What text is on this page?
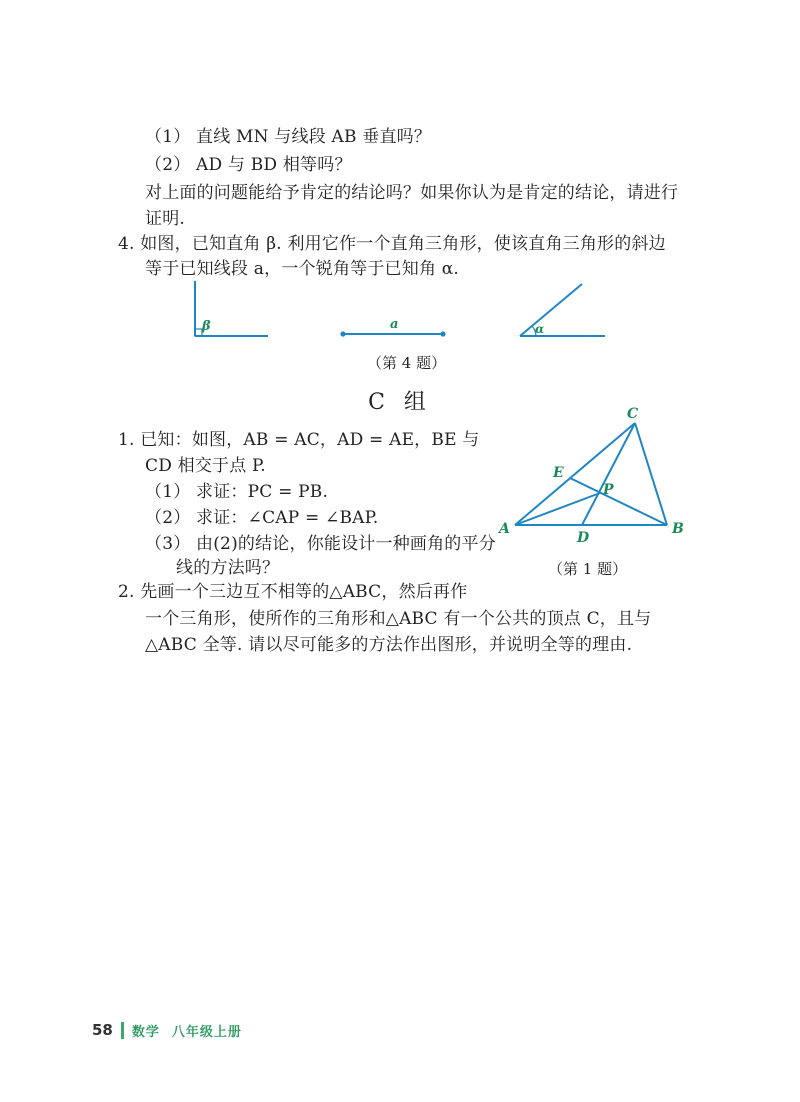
（1） 直线 MN 与线段 AB 垂直吗？
（2） AD 与 BD 相等吗？
对上面的问题能给予肯定的结论吗？如果你认为是肯定的结论，请进行
证明.
4. 如图，已知直角 β. 利用它作一个直角三角形，使该直角三角形的斜边
等于已知线段 a，一个锐角等于已知角 α.
β	a	α
（第 4 题）
C 组
1. 已知：如图，AB = AC，AD = AE，BE 与
CD 相交于点 P.
（1） 求证：PC = PB.
（2） 求证：∠CAP = ∠BAP.
（3） 由(2)的结论，你能设计一种画角的平分
线的方法吗？
A	B
C
D
E
P
（第 1 题）
2. 先画一个三边互不相等的△ABC，然后再作
一个三角形，使所作的三角形和△ABC 有一个公共的顶点 C，且与
△ABC 全等. 请以尽可能多的方法作出图形，并说明全等的理由.
58 数学 八年级上册
